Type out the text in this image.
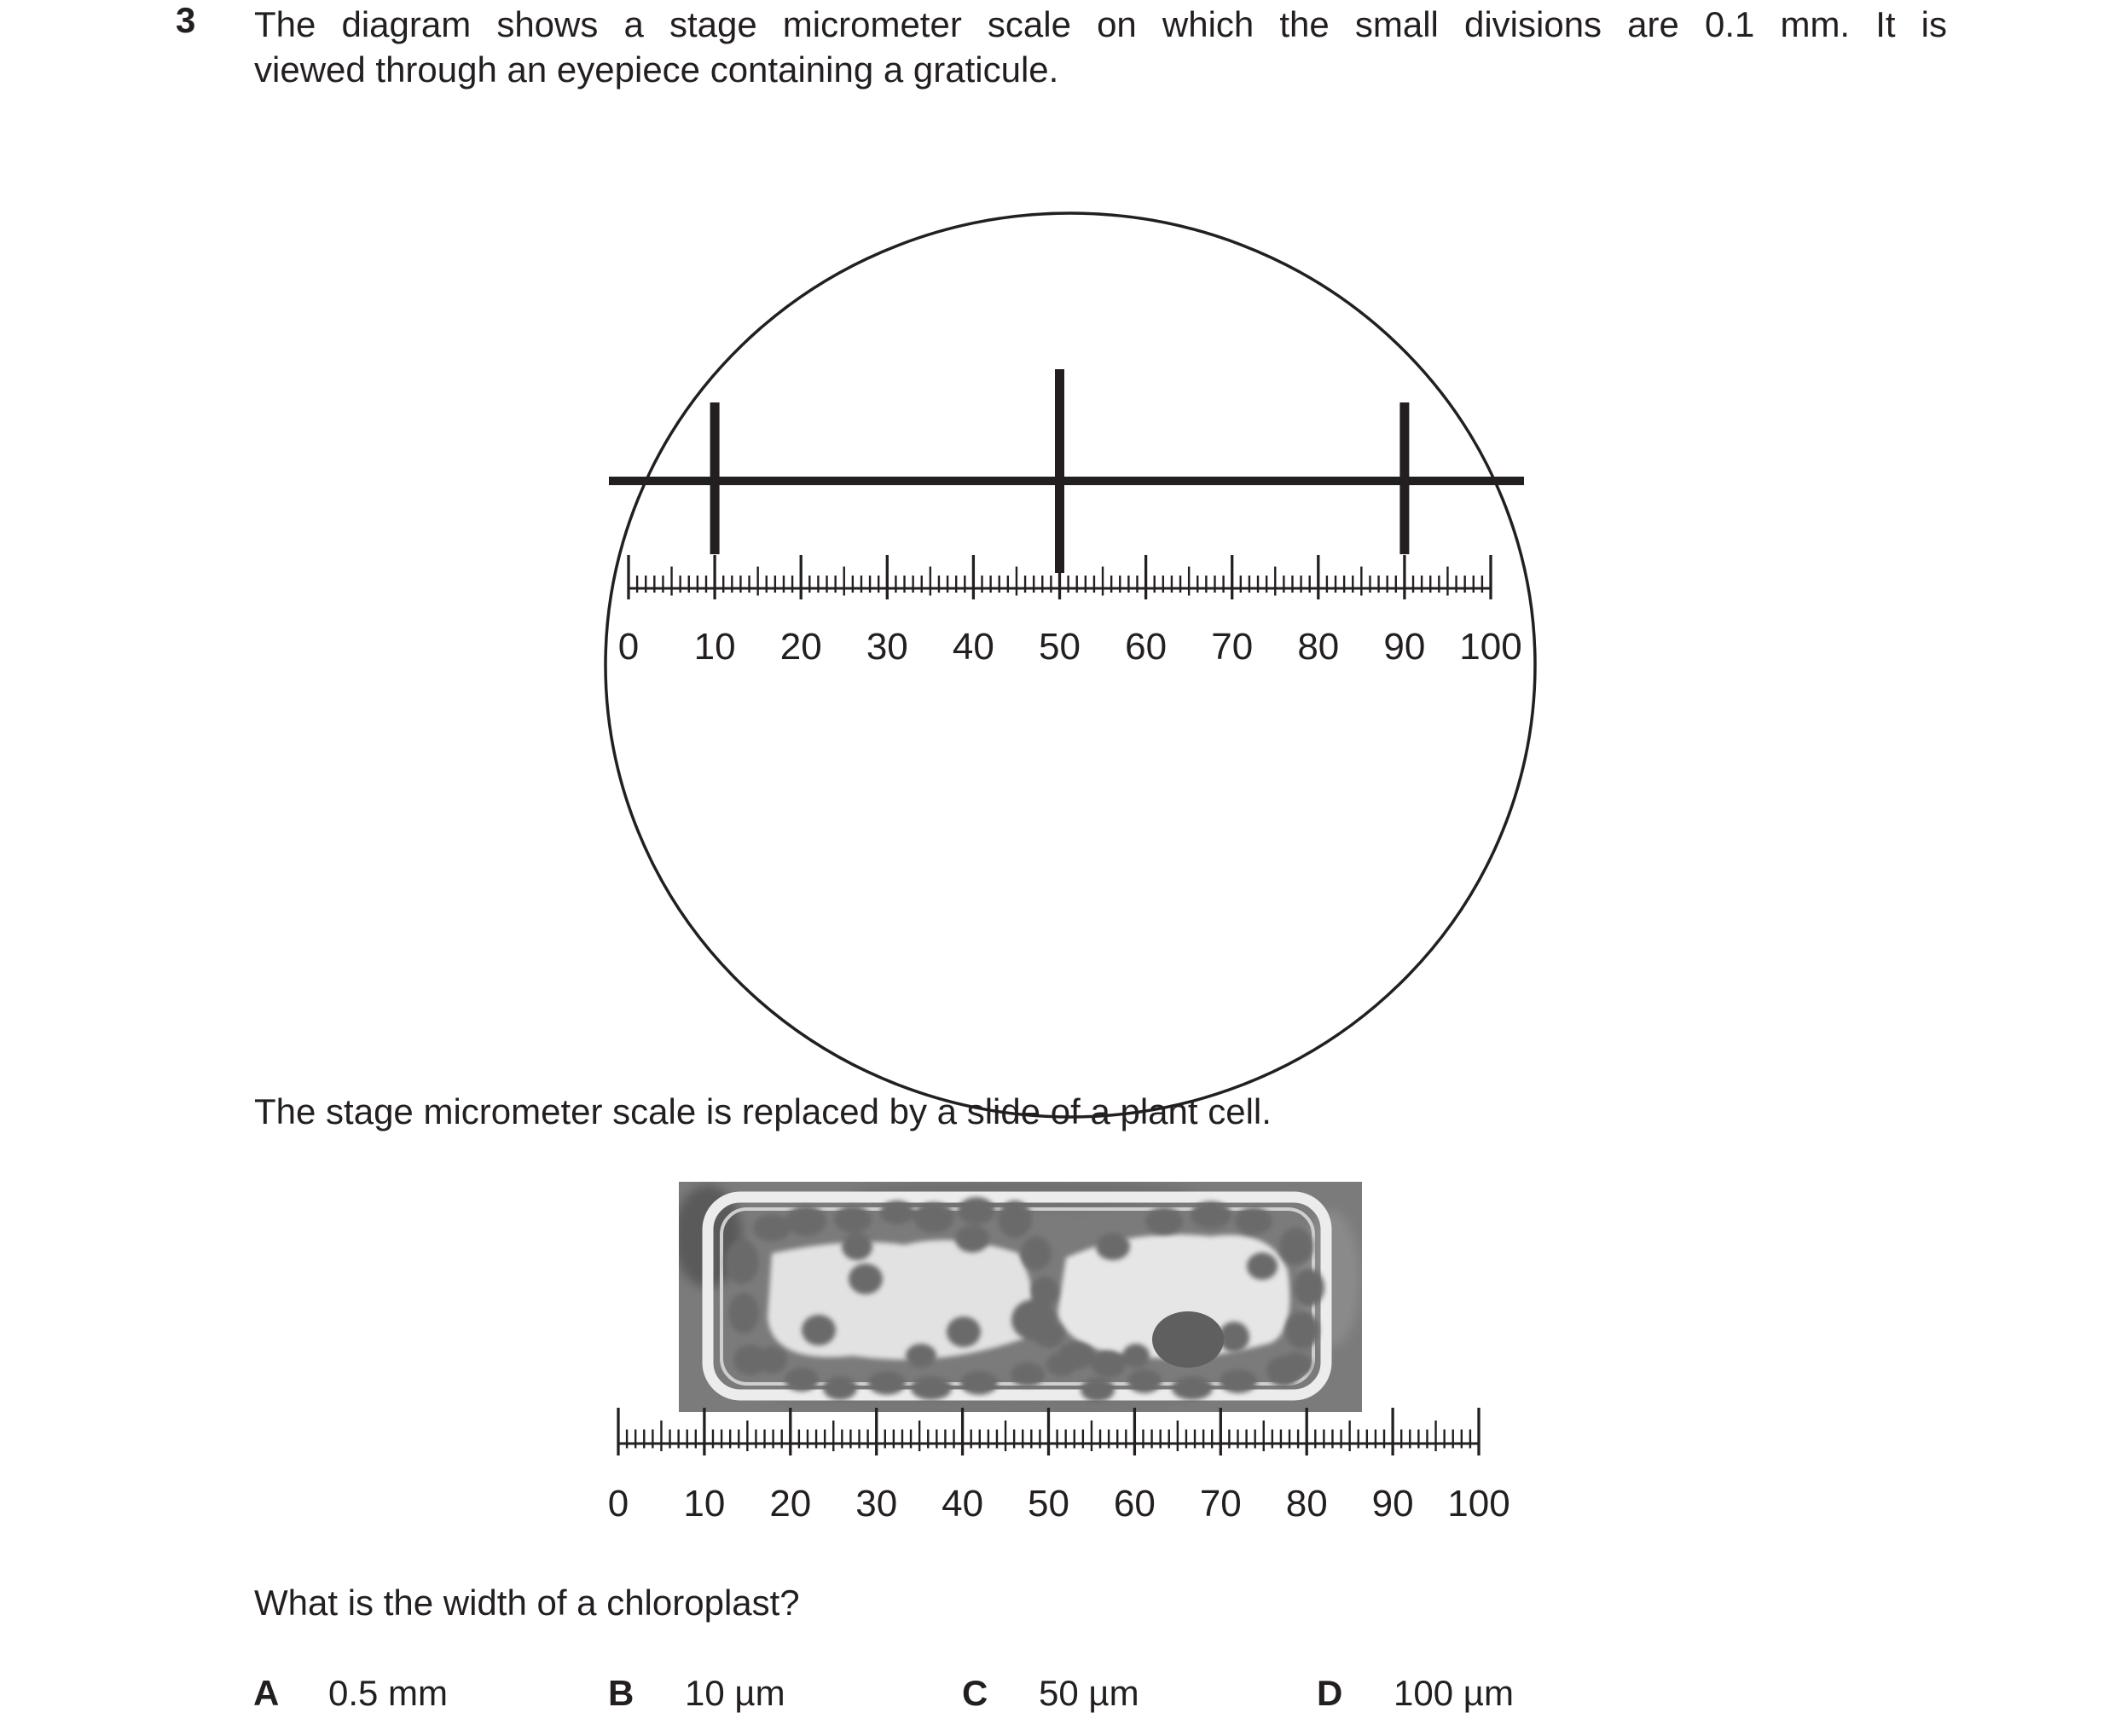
3 The diagram shows a stage micrometer scale on which the small divisions are 0.1 mm. It is
viewed through an eyepiece containing a graticule.
0 10 20 30 40 50 60 70 80 90 100
0 10 20 30 40 50 60 70 80 90 100
The stage micrometer scale is replaced by a slide of a plant cell.
What is the width of a chloroplast?
A 0.5 mm	B 10 µm	C 50 µm	D 100 µm
